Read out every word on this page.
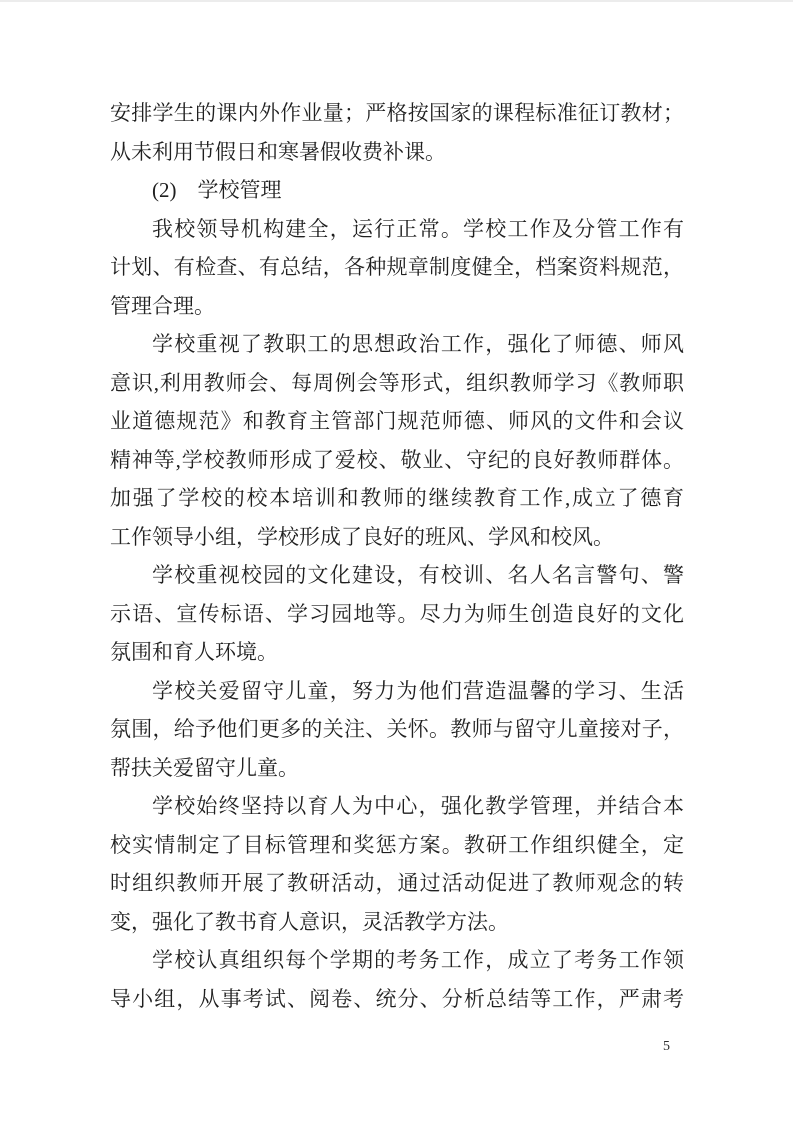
安排学生的课内外作业量；严格按国家的课程标准征订教材；
从未利用节假日和寒暑假收费补课。
(2)　学校管理
我校领导机构建全，运行正常。学校工作及分管工作有
计划、有检查、有总结，各种规章制度健全，档案资料规范，
管理合理。
学校重视了教职工的思想政治工作，强化了师德、师风
意识,利用教师会、每周例会等形式，组织教师学习《教师职
业道德规范》和教育主管部门规范师德、师风的文件和会议
精神等,学校教师形成了爱校、敬业、守纪的良好教师群体。
加强了学校的校本培训和教师的继续教育工作,成立了德育
工作领导小组，学校形成了良好的班风、学风和校风。
学校重视校园的文化建设，有校训、名人名言警句、警
示语、宣传标语、学习园地等。尽力为师生创造良好的文化
氛围和育人环境。
学校关爱留守儿童，努力为他们营造温馨的学习、生活
氛围，给予他们更多的关注、关怀。教师与留守儿童接对子，
帮扶关爱留守儿童。
学校始终坚持以育人为中心，强化教学管理，并结合本
校实情制定了目标管理和奖惩方案。教研工作组织健全，定
时组织教师开展了教研活动，通过活动促进了教师观念的转
变，强化了教书育人意识，灵活教学方法。
学校认真组织每个学期的考务工作，成立了考务工作领
导小组，从事考试、阅卷、统分、分析总结等工作，严肃考
5
